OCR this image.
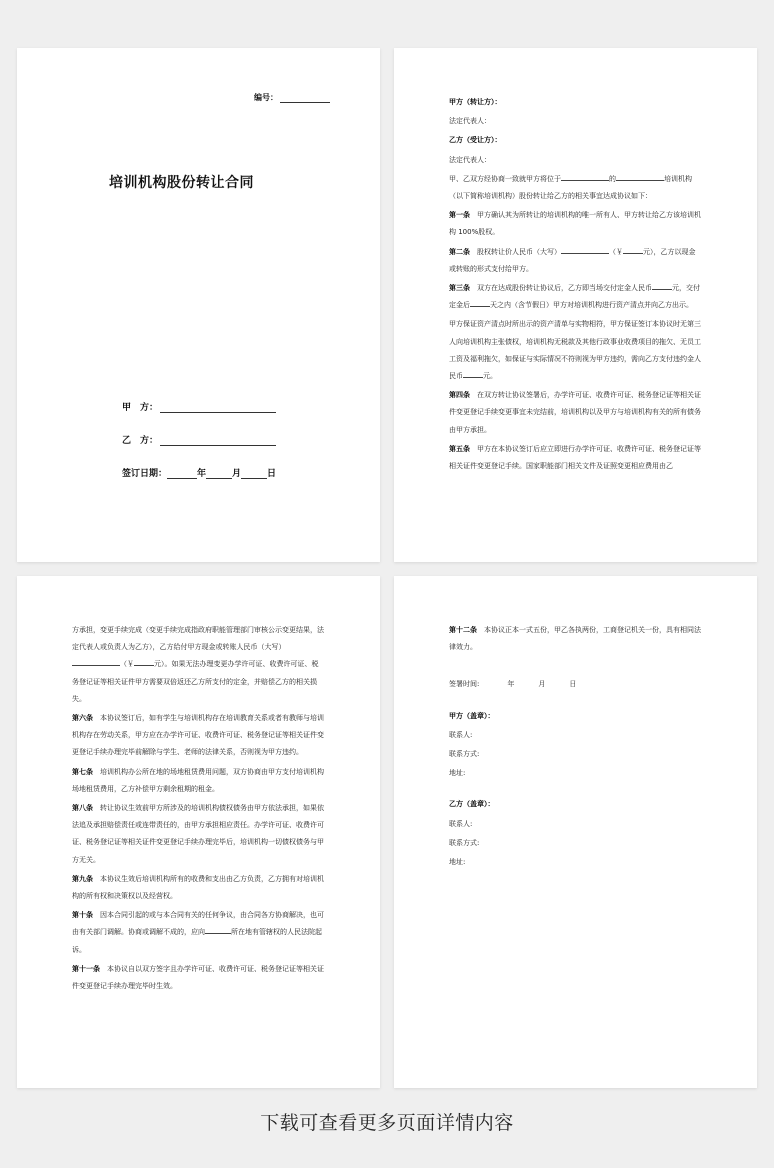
编号：
培训机构股份转让合同
甲　方：
乙　方：
签订日期：	年	月	日

甲方（转让方）：

法定代表人：

乙方（受让方）：

法定代表人：

甲、乙双方经协商一致就甲方将位于	的	培训机构（以下简称培训机构）股份转让给乙方的相关事宜达成协议如下：

第一条　 甲方确认其为所转让的培训机构的唯一所有人、甲方转让给乙方该培训机构 100%股权。

第二条　 股权转让价人民币（大写）	（￥	元），乙方以现金或转账的形式支付给甲方。

第三条　 双方在达成股份转让协议后，乙方即当场交付定金人民币	元，交付定金后	天之内（含节假日）甲方对培训机构进行资产清点并向乙方出示。

甲方保证资产清点时所出示的资产清单与实物相符，甲方保证签订本协议时无第三人向培训机构主张债权，培训机构无税款及其他行政事业收费项目的拖欠、无员工工资及福利拖欠，如保证与实际情况不符则视为甲方违约，需向乙方支付违约金人民币	元。

第四条　 在双方转让协议签署后，办学许可证、收费许可证、税务登记证等相关证件变更登记手续变更事宜未完结前，培训机构以及甲方与培训机构有关的所有债务由甲方承担。

第五条　 甲方在本协议签订后应立即进行办学许可证、收费许可证、税务登记证等相关证件变更登记手续。国家职能部门相关文件及证照变更相应费用由乙

方承担，变更手续完成（变更手续完成指政府职能管理部门审核公示变更结果，法定代表人或负责人为乙方），乙方给付甲方现金或转账人民币（大写）（￥	元）。如果无法办理变更办学许可证、收费许可证、税务登记证等相关证件甲方需要双倍返还乙方所支付的定金，并赔偿乙方的相关损失。

第六条　 本协议签订后，如有学生与培训机构存在培训教育关系或者有教师与培训机构存在劳动关系，甲方应在办学许可证、收费许可证、税务登记证等相关证件变更登记手续办理完毕前解除与学生、老师的法律关系，否则视为甲方违约。

第七条　 培训机构办公所在地的场地租赁费用问题，双方协商由甲方支付培训机构场地租赁费用，乙方补偿甲方剩余租期的租金。

第八条　 转让协议生效前甲方所涉及的培训机构债权债务由甲方依法承担，如果依法追及承担赔偿责任或连带责任的，由甲方承担相应责任。办学许可证、收费许可证、税务登记证等相关证件变更登记手续办理完毕后，培训机构一切债权债务与甲方无关。

第九条　 本协议生效后培训机构所有的收费和支出由乙方负责，乙方拥有对培训机构的所有权和决策权以及经营权。

第十条　 因本合同引起的或与本合同有关的任何争议，由合同各方协商解决，也可由有关部门调解。协商或调解不成的，应向	所在地有管辖权的人民法院起诉。

第十一条　 本协议自以双方签字且办学许可证、收费许可证、税务登记证等相关证件变更登记手续办理完毕时生效。

第十二条　 本协议正本一式五份，甲乙各执两份，工商登记机关一份，具有相同法律效力。

签署时间:	年	月	日

甲方（盖章）：

联系人:

联系方式:

地址:

乙方（盖章）：

联系人:

联系方式:

地址:

下载可查看更多页面详情内容
